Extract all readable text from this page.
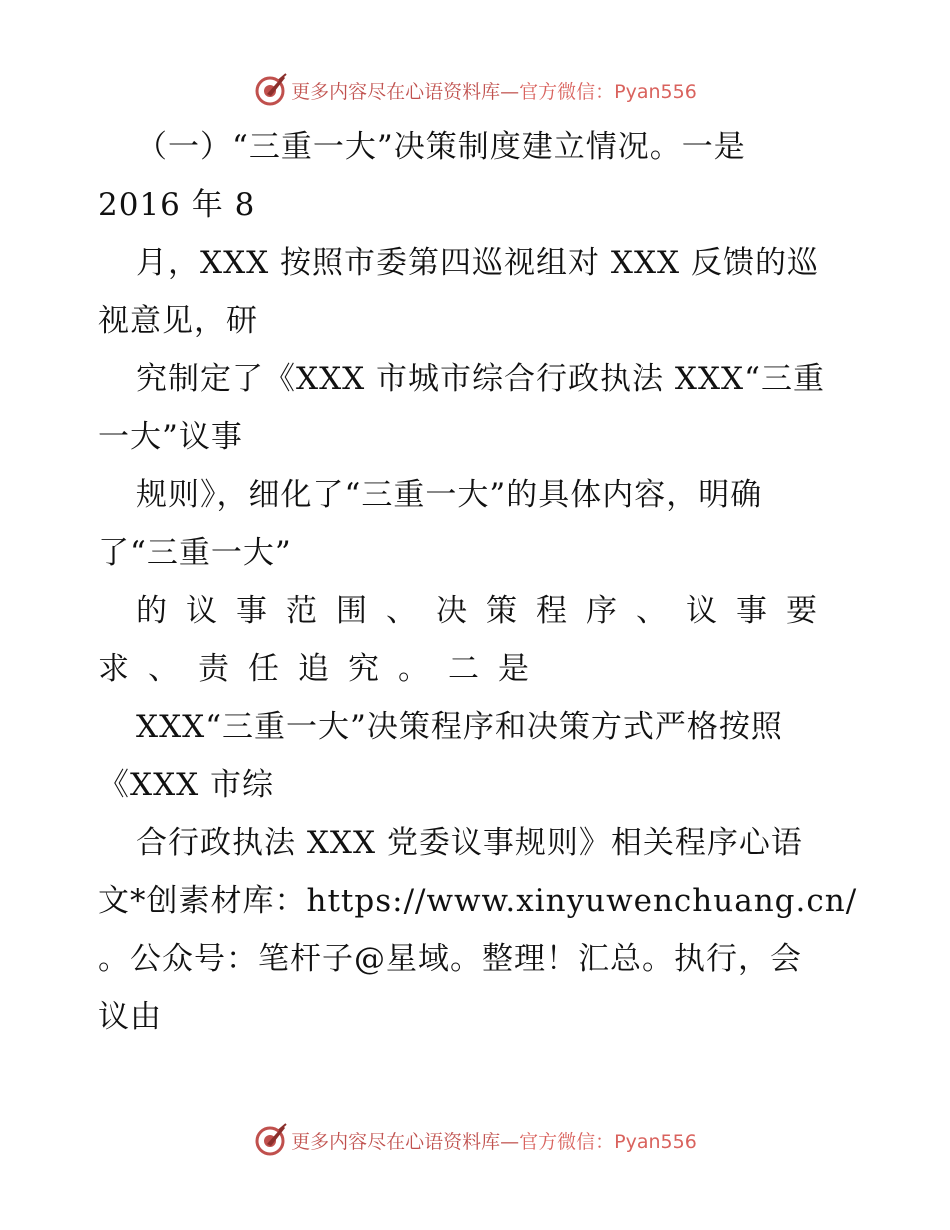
更多内容尽在心语资料库—官方微信：Pyan556
（一）“三重一大”决策制度建立情况。一是
2016 年 8
月，XXX 按照市委第四巡视组对 XXX 反馈的巡
视意见，研
究制定了《XXX 市城市综合行政执法 XXX“三重
一大”议事
规则》，细化了“三重一大”的具体内容，明确
了“三重一大”
的议事范围、决策程序、议事要
求、责任追究。二是
XXX“三重一大”决策程序和决策方式严格按照
《XXX 市综
合行政执法 XXX 党委议事规则》相关程序心语
文*创素材库：https://www.xinyuwenchuang.cn/
。公众号：笔杆子@星域。整理！汇总。执行，会
议由
更多内容尽在心语资料库—官方微信：Pyan556
